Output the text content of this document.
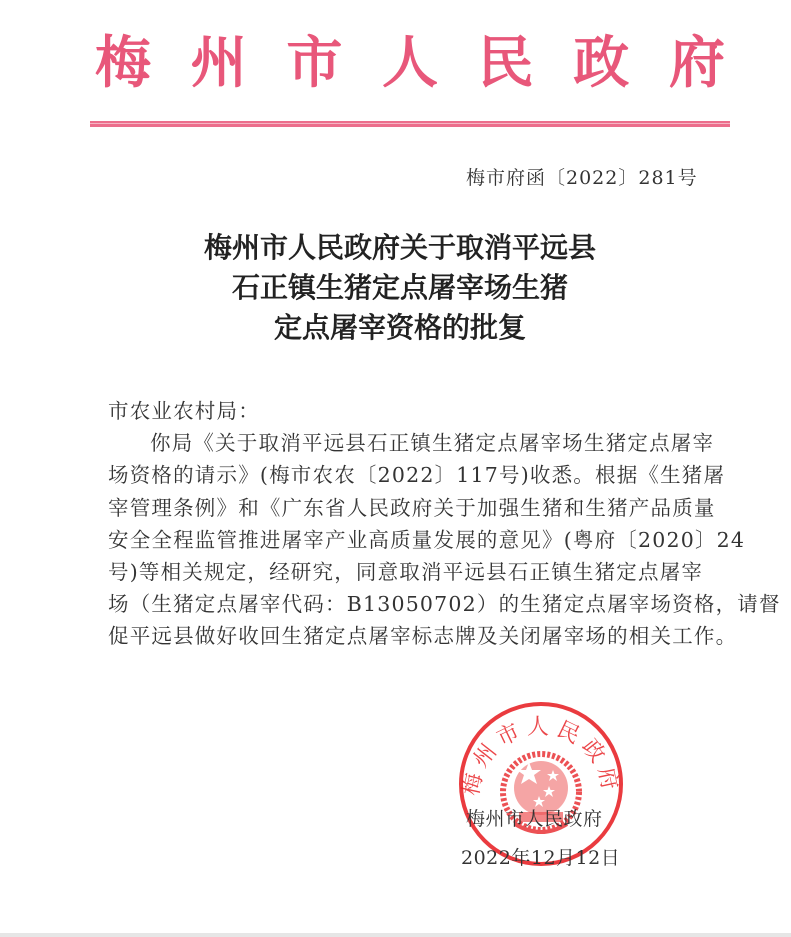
梅 州 市 人 民 政 府
梅市府函〔2022〕281号
梅州市人民政府关于取消平远县
石正镇生猪定点屠宰场生猪
定点屠宰资格的批复
市农业农村局：
你局《关于取消平远县石正镇生猪定点屠宰场生猪定点屠宰
场资格的请示》(梅市农农〔2022〕117号)收悉。根据《生猪屠
宰管理条例》和《广东省人民政府关于加强生猪和生猪产品质量
安全全程监管推进屠宰产业高质量发展的意见》(粤府〔2020〕24
号)等相关规定，经研究，同意取消平远县石正镇生猪定点屠宰
场（生猪定点屠宰代码：B13050702）的生猪定点屠宰场资格，请督
促平远县做好收回生猪定点屠宰标志牌及关闭屠宰场的相关工作。
梅州市人民政府
梅州市人民政府
2022年12月12日
